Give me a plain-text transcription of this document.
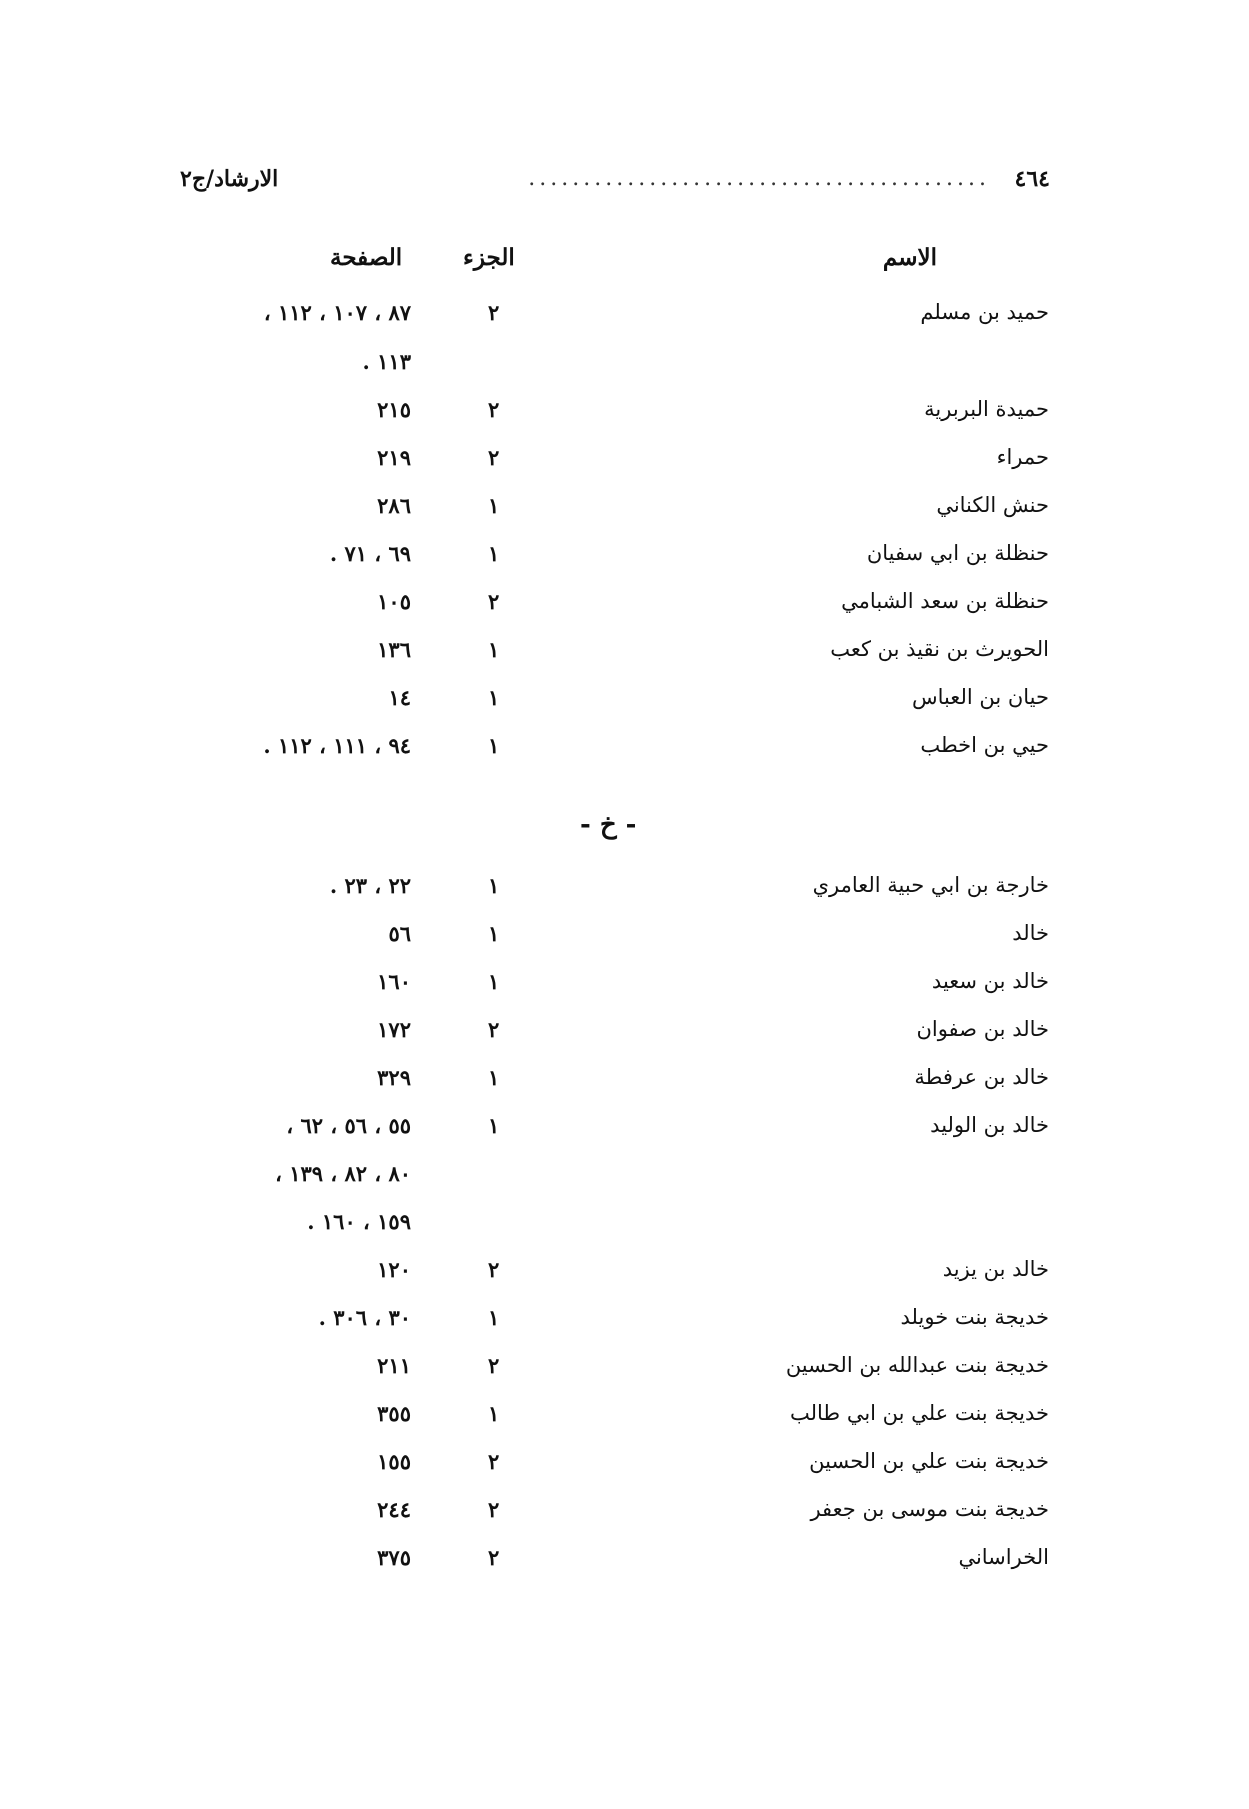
٤٦٤
..........................................
الارشاد/ج٢
الاسم
الجزء
الصفحة
- خ -
حميد بن مسلم
٢
٨٧ ، ١٠٧ ، ١١٢ ،
١١٣ .
حميدة البربرية
٢
٢١٥
حمراء
٢
٢١٩
حنش الكناني
١
٢٨٦
حنظلة بن ابي سفيان
١
٦٩ ، ٧١ .
حنظلة بن سعد الشبامي
٢
١٠٥
الحويرث بن نقيذ بن كعب
١
١٣٦
حيان بن العباس
١
١٤
حيي بن اخطب
١
٩٤ ، ١١١ ، ١١٢ .
خارجة بن ابي حبية العامري
١
٢٢ ، ٢٣ .
خالد
١
٥٦
خالد بن سعيد
١
١٦٠
خالد بن صفوان
٢
١٧٢
خالد بن عرفطة
١
٣٢٩
خالد بن الوليد
١
٥٥ ، ٥٦ ، ٦٢ ،
٨٠ ، ٨٢ ، ١٣٩ ،
١٥٩ ، ١٦٠ .
خالد بن يزيد
٢
١٢٠
خديجة بنت خويلد
١
٣٠ ، ٣٠٦ .
خديجة بنت عبدالله بن الحسين
٢
٢١١
خديجة بنت علي بن ابي طالب
١
٣٥٥
خديجة بنت علي بن الحسين
٢
١٥٥
خديجة بنت موسى بن جعفر
٢
٢٤٤
الخراساني
٢
٣٧٥
